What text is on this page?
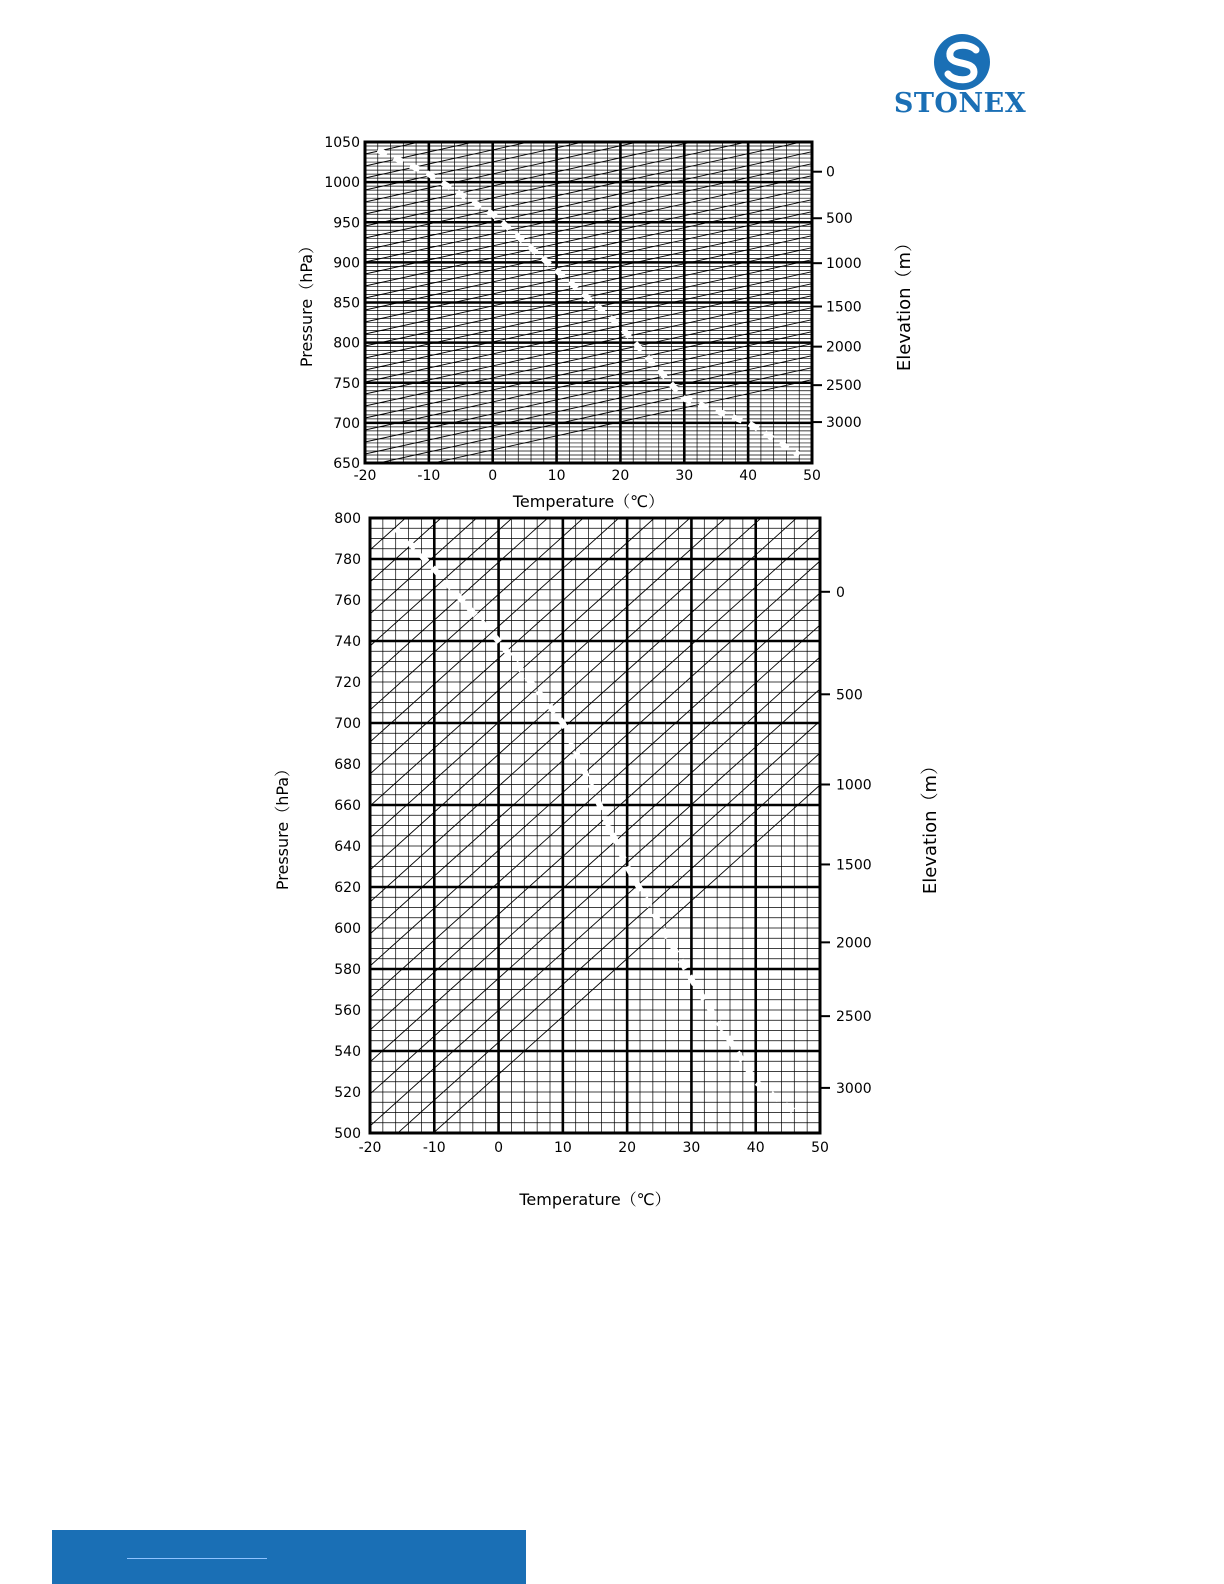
STONEX
-20	-10	0	10	20	30	40	50
650
700
750
800
850
900
950
1000
1050
0
500
1000
1500
2000
2500
3000
Temperature（℃）
Pressure（hPa）	Elevation（m）
-20	-10	0	10	20	30	40	50
500
520
540
560
580
600
620
640
660
680
700
720
740
760
780
800
0
500
1000
1500
2000
2500
3000
Temperature（℃）
Pressure（hPa）	Elevation（m）
